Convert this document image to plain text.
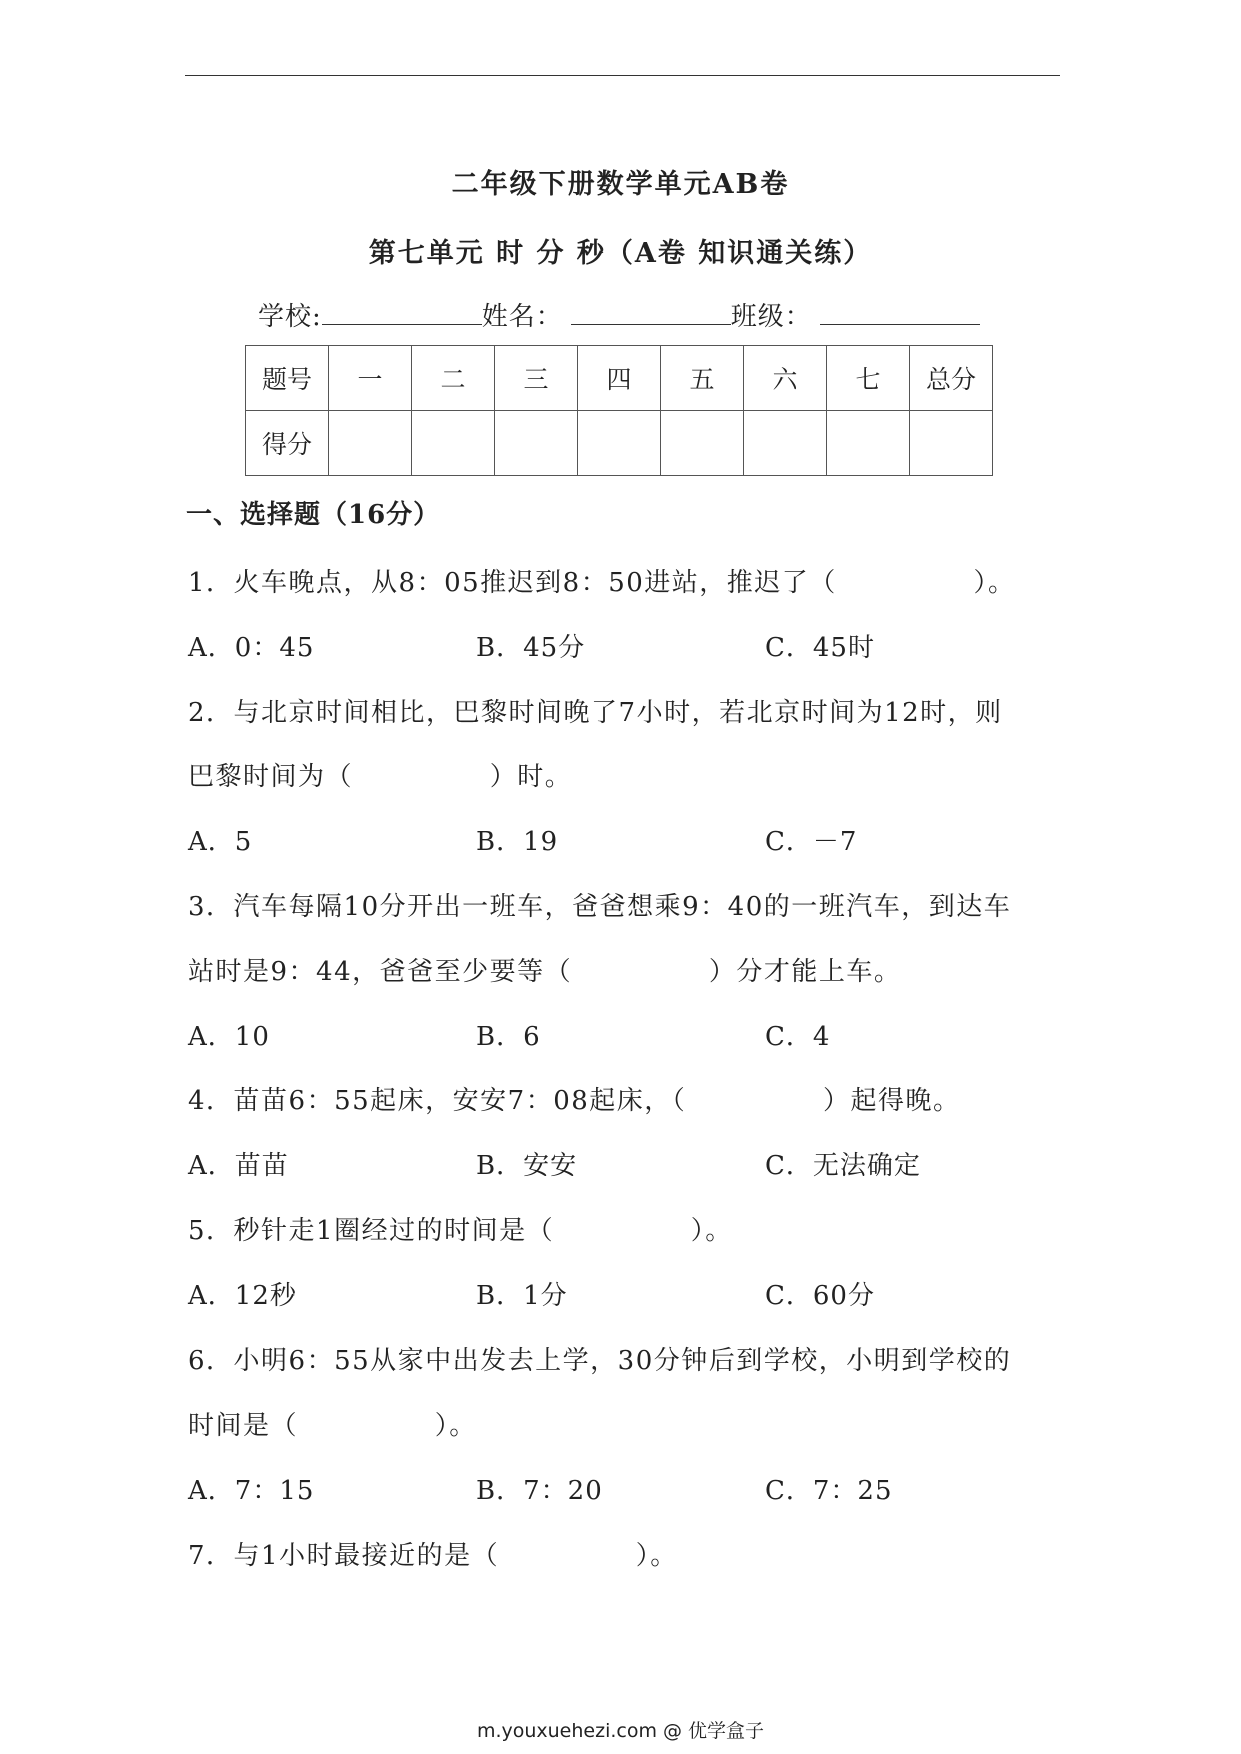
二年级下册数学单元AB卷
第七单元 时 分 秒（A卷 知识通关练）
学校:	姓名：	班级：
题号	一	二	三	四	五	六	七	总分
得分								
一、选择题（16分）
1．火车晚点，从8：05推迟到8：50进站，推迟了（              ）。
A．0：45	B．45分	C．45时
2．与北京时间相比，巴黎时间晚了7小时，若北京时间为12时，则
巴黎时间为（              ）时。
A．5	B．19	C．－7
3．汽车每隔10分开出一班车，爸爸想乘9：40的一班汽车，到达车
站时是9：44，爸爸至少要等（              ）分才能上车。
A．10	B．6	C．4
4．苗苗6：55起床，安安7：08起床，（              ）起得晚。
A．苗苗	B．安安	C．无法确定
5．秒针走1圈经过的时间是（              ）。
A．12秒	B．1分	C．60分
6．小明6：55从家中出发去上学，30分钟后到学校，小明到学校的
时间是（              ）。
A．7：15	B．7：20	C．7：25
7．与1小时最接近的是（              ）。
m.youxuehezi.com @ 优学盒子
